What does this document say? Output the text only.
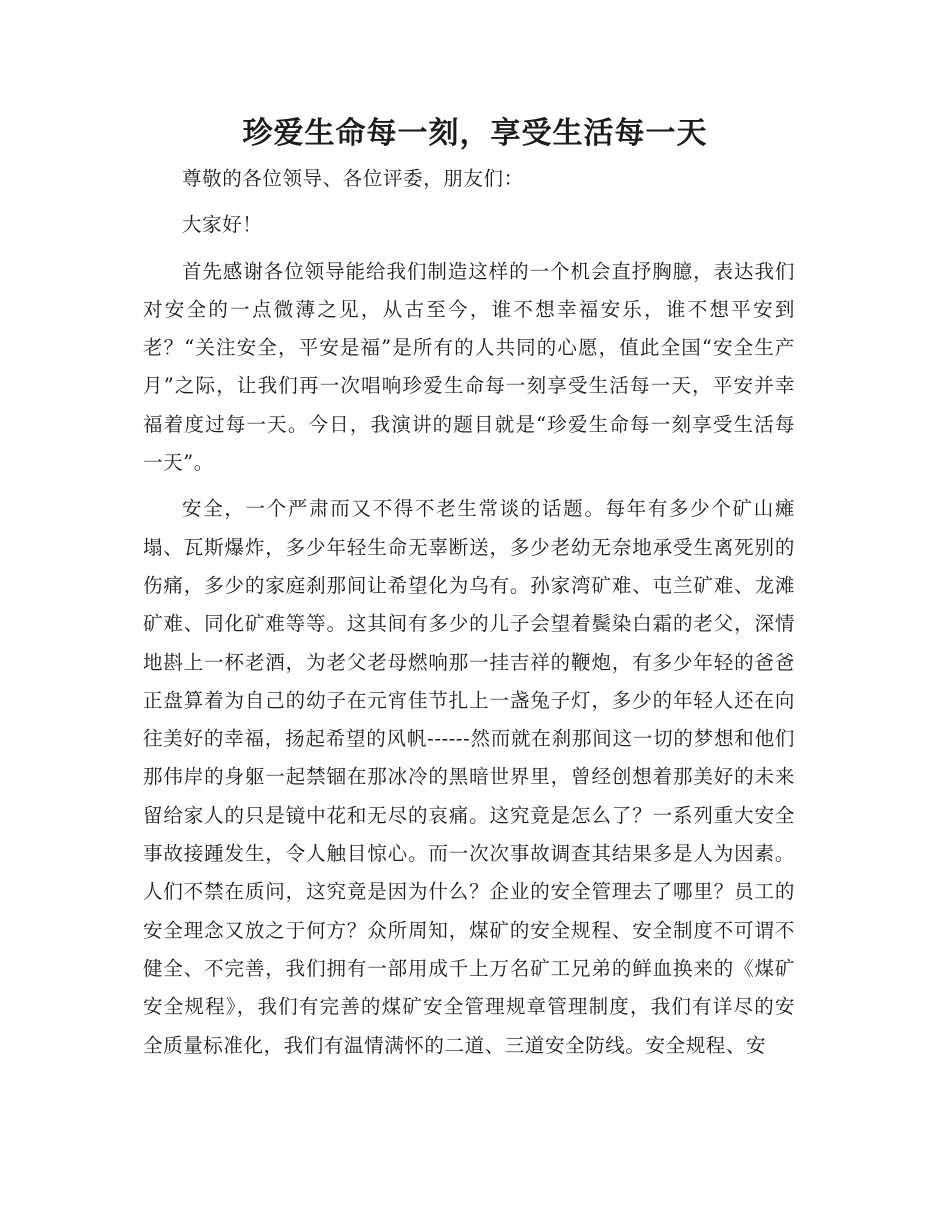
珍爱生命每一刻，享受生活每一天

尊敬的各位领导、各位评委，朋友们：

大家好！

首先感谢各位领导能给我们制造这样的一个机会直抒胸臆，表达我们对安全的一点微薄之见，从古至今，谁不想幸福安乐，谁不想平安到老？“关注安全，平安是福”是所有的人共同的心愿，值此全国“安全生产月”之际，让我们再一次唱响珍爱生命每一刻享受生活每一天，平安并幸福着度过每一天。今日，我演讲的题目就是“珍爱生命每一刻享受生活每一天”。

安全，一个严肃而又不得不老生常谈的话题。每年有多少个矿山瘫塌、瓦斯爆炸，多少年轻生命无辜断送，多少老幼无奈地承受生离死别的伤痛，多少的家庭刹那间让希望化为乌有。孙家湾矿难、屯兰矿难、龙滩矿难、同化矿难等等。这其间有多少的儿子会望着鬓染白霜的老父，深情地斟上一杯老酒，为老父老母燃响那一挂吉祥的鞭炮，有多少年轻的爸爸正盘算着为自己的幼子在元宵佳节扎上一盏兔子灯，多少的年轻人还在向往美好的幸福，扬起希望的风帆------然而就在刹那间这一切的梦想和他们那伟岸的身躯一起禁锢在那冰冷的黑暗世界里，曾经创想着那美好的未来留给家人的只是镜中花和无尽的哀痛。这究竟是怎么了？一系列重大安全事故接踵发生，令人触目惊心。而一次次事故调查其结果多是人为因素。人们不禁在质问，这究竟是因为什么？企业的安全管理去了哪里？员工的安全理念又放之于何方？众所周知，煤矿的安全规程、安全制度不可谓不健全、不完善，我们拥有一部用成千上万名矿工兄弟的鲜血换来的《煤矿安全规程》，我们有完善的煤矿安全管理规章管理制度，我们有详尽的安全质量标准化，我们有温情满怀的二道、三道安全防线。安全规程、安
